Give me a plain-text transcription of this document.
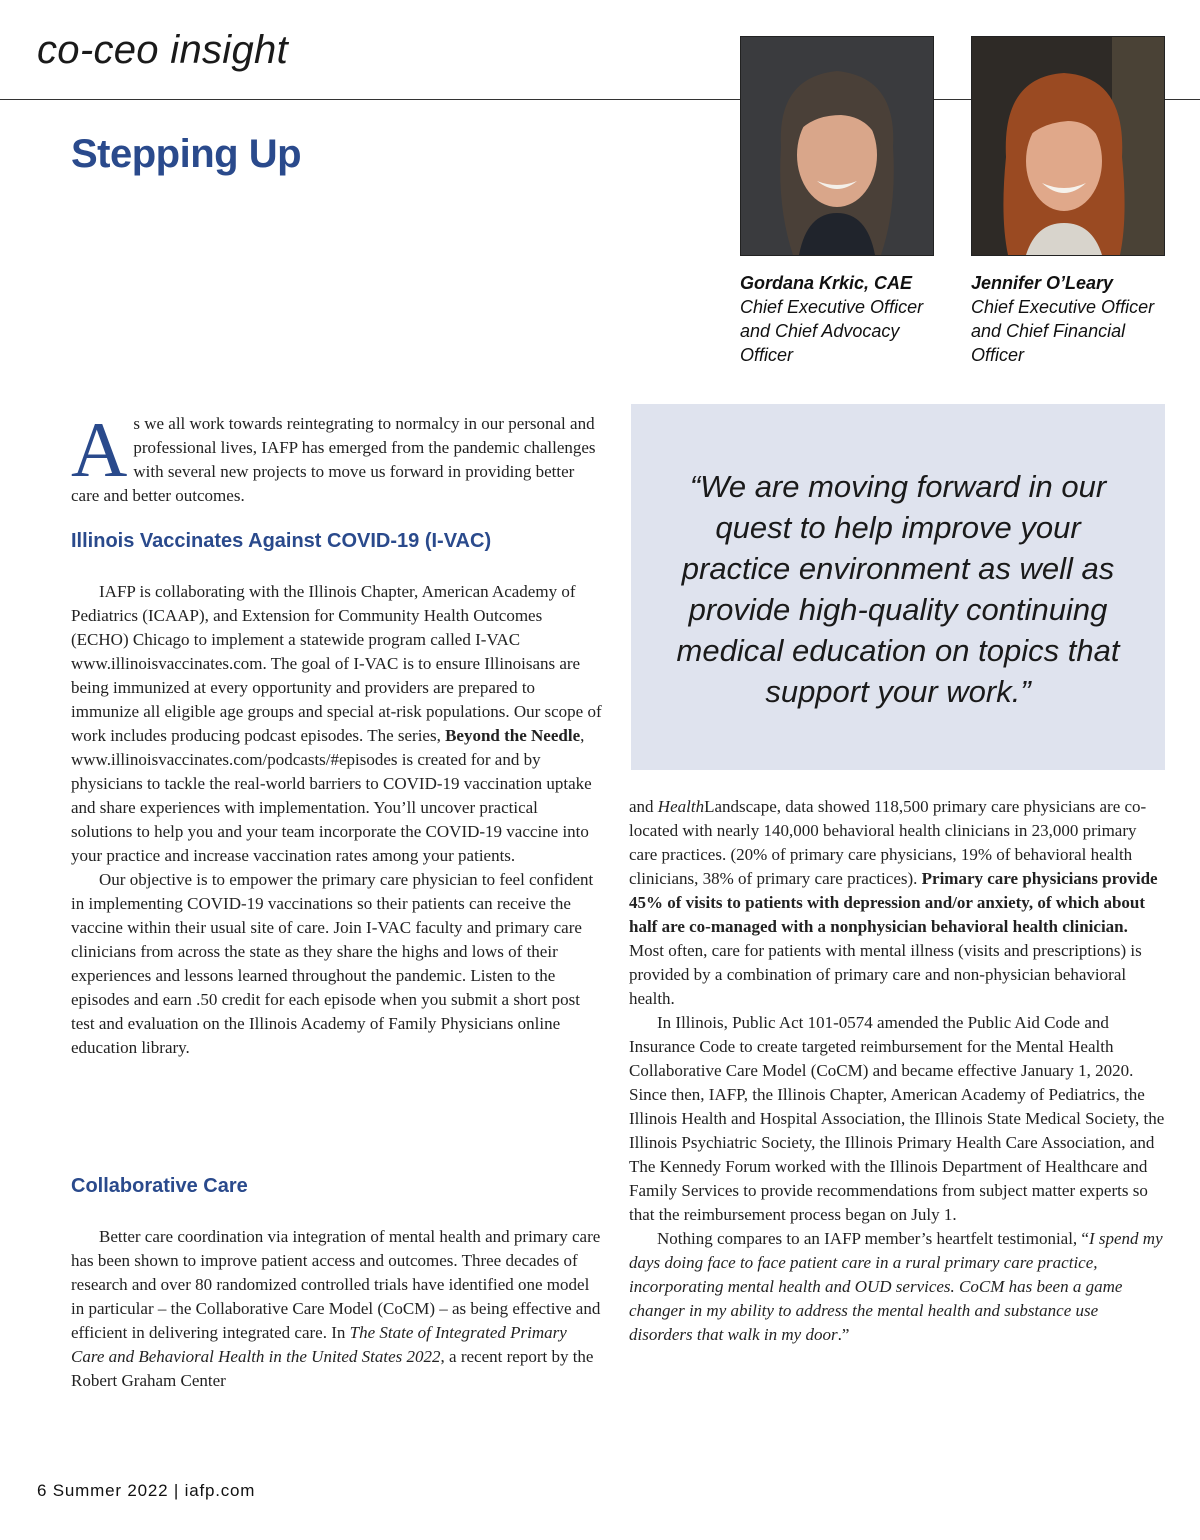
co-ceo insight
Stepping Up
Gordana Krkic, CAE
Chief Executive Officer
and Chief Advocacy
Officer
Jennifer O’Leary
Chief Executive Officer
and Chief Financial
Officer

As we all work towards reintegrating to normalcy in our personal and professional lives, IAFP has emerged from the pandemic challenges with several new projects to move us forward in providing better care and better outcomes.

Illinois Vaccinates Against COVID-19 (I-VAC)

IAFP is collaborating with the Illinois Chapter, American Academy of Pediatrics (ICAAP), and Extension for Community Health Outcomes (ECHO) Chicago to implement a statewide program called I-VAC www.illinoisvaccinates.com. The goal of I-VAC is to ensure Illinoisans are being immunized at every opportunity and providers are prepared to immunize all eligible age groups and special at-risk populations. Our scope of work includes producing podcast episodes. The series, Beyond the Needle, www.illinoisvaccinates.com/podcasts/#episodes is created for and by physicians to tackle the real-world barriers to COVID-19 vaccination uptake and share experiences with implementation. You’ll uncover practical solutions to help you and your team incorporate the COVID-19 vaccine into your practice and increase vaccination rates among your patients.

Our objective is to empower the primary care physician to feel confident in implementing COVID-19 vaccinations so their patients can receive the vaccine within their usual site of care. Join I-VAC faculty and primary care clinicians from across the state as they share the highs and lows of their experiences and lessons learned throughout the pandemic. Listen to the episodes and earn .50 credit for each episode when you submit a short post test and evaluation on the Illinois Academy of Family Physicians online education library.

Collaborative Care

Better care coordination via integration of mental health and primary care has been shown to improve patient access and outcomes. Three decades of research and over 80 randomized controlled trials have identified one model in particular – the Collaborative Care Model (CoCM) – as being effective and efficient in delivering integrated care. In The State of Integrated Primary Care and Behavioral Health in the United States 2022, a recent report by the Robert Graham Center

“We are moving forward in our quest to help improve your practice environment as well as provide high-quality continuing medical education on topics that support your work.”

and HealthLandscape, data showed 118,500 primary care physicians are co-located with nearly 140,000 behavioral health clinicians in 23,000 primary care practices. (20% of primary care physicians, 19% of behavioral health clinicians, 38% of primary care practices). Primary care physicians provide 45% of visits to patients with depression and/or anxiety, of which about half are co-managed with a nonphysician behavioral health clinician. Most often, care for patients with mental illness (visits and prescriptions) is provided by a combination of primary care and non-physician behavioral health.

In Illinois, Public Act 101-0574 amended the Public Aid Code and Insurance Code to create targeted reimbursement for the Mental Health Collaborative Care Model (CoCM) and became effective January 1, 2020. Since then, IAFP, the Illinois Chapter, American Academy of Pediatrics, the Illinois Health and Hospital Association, the Illinois State Medical Society, the Illinois Psychiatric Society, the Illinois Primary Health Care Association, and The Kennedy Forum worked with the Illinois Department of Healthcare and Family Services to provide recommendations from subject matter experts so that the reimbursement process began on July 1.

Nothing compares to an IAFP member’s heartfelt testimonial, “I spend my days doing face to face patient care in a rural primary care practice, incorporating mental health and OUD services. CoCM has been a game changer in my ability to address the mental health and substance use disorders that walk in my door.”

6 Summer 2022 | iafp.com
